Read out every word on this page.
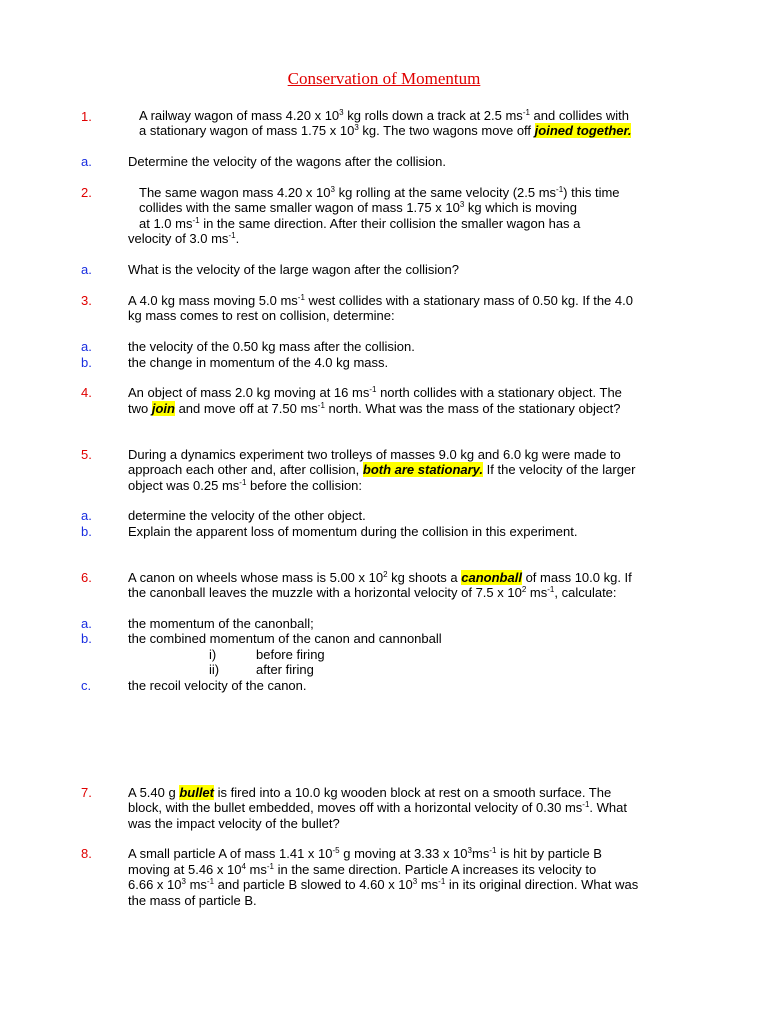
Conservation of Momentum
1.	A railway wagon of mass 4.20 x $10^3$ kg rolls down a track at 2.5 $ms^{-1}$ and collides with
a stationary wagon of mass 1.75 x $10^3$ kg. The two wagons move off joined together.
a.	Determine the velocity of the wagons after the collision.
2.	The same wagon mass 4.20 x $10^3$ kg rolling at the same velocity (2.5 $ms^{-1}$) this time
collides with the same smaller wagon of mass 1.75 x $10^3$ kg which is moving
at 1.0 $ms^{-1}$ in the same direction. After their collision the smaller wagon has a
velocity of 3.0 $ms^{-1}$.
a.	What is the velocity of the large wagon after the collision?
3.	A 4.0 kg mass moving 5.0 $ms^{-1}$ west collides with a stationary mass of 0.50 kg. If the 4.0
kg mass comes to rest on collision, determine:
a.	the velocity of the 0.50 kg mass after the collision.
b.	the change in momentum of the 4.0 kg mass.
4.	An object of mass 2.0 kg moving at 16 $ms^{-1}$ north collides with a stationary object. The
two join and move off at 7.50 $ms^{-1}$ north. What was the mass of the stationary object?
5.	During a dynamics experiment two trolleys of masses 9.0 kg and 6.0 kg were made to
approach each other and, after collision, both are stationary. If the velocity of the larger
object was 0.25 $ms^{-1}$ before the collision:
a.	determine the velocity of the other object.
b.	Explain the apparent loss of momentum during the collision in this experiment.
6.	A canon on wheels whose mass is 5.00 x $10^2$ kg shoots a canonball of mass 10.0 kg. If
the canonball leaves the muzzle with a horizontal velocity of 7.5 x $10^2$ $ms^{-1}$, calculate:
a.	the momentum of the canonball;
b.	the combined momentum of the canon and cannonball
i)	before firing
ii)	after firing
c.	the recoil velocity of the canon.
7.	A 5.40 g bullet is fired into a 10.0 kg wooden block at rest on a smooth surface. The
block, with the bullet embedded, moves off with a horizontal velocity of 0.30 $ms^{-1}$. What
was the impact velocity of the bullet?
8.	A small particle A of mass 1.41 x $10^{-5}$ g moving at 3.33 x $10^3ms^{-1}$ is hit by particle B
moving at 5.46 x $10^4$ $ms^{-1}$ in the same direction. Particle A increases its velocity to
6.66 x $10^3$ $ms^{-1}$ and particle B slowed to 4.60 x $10^3$ $ms^{-1}$ in its original direction. What was
the mass of particle B.
